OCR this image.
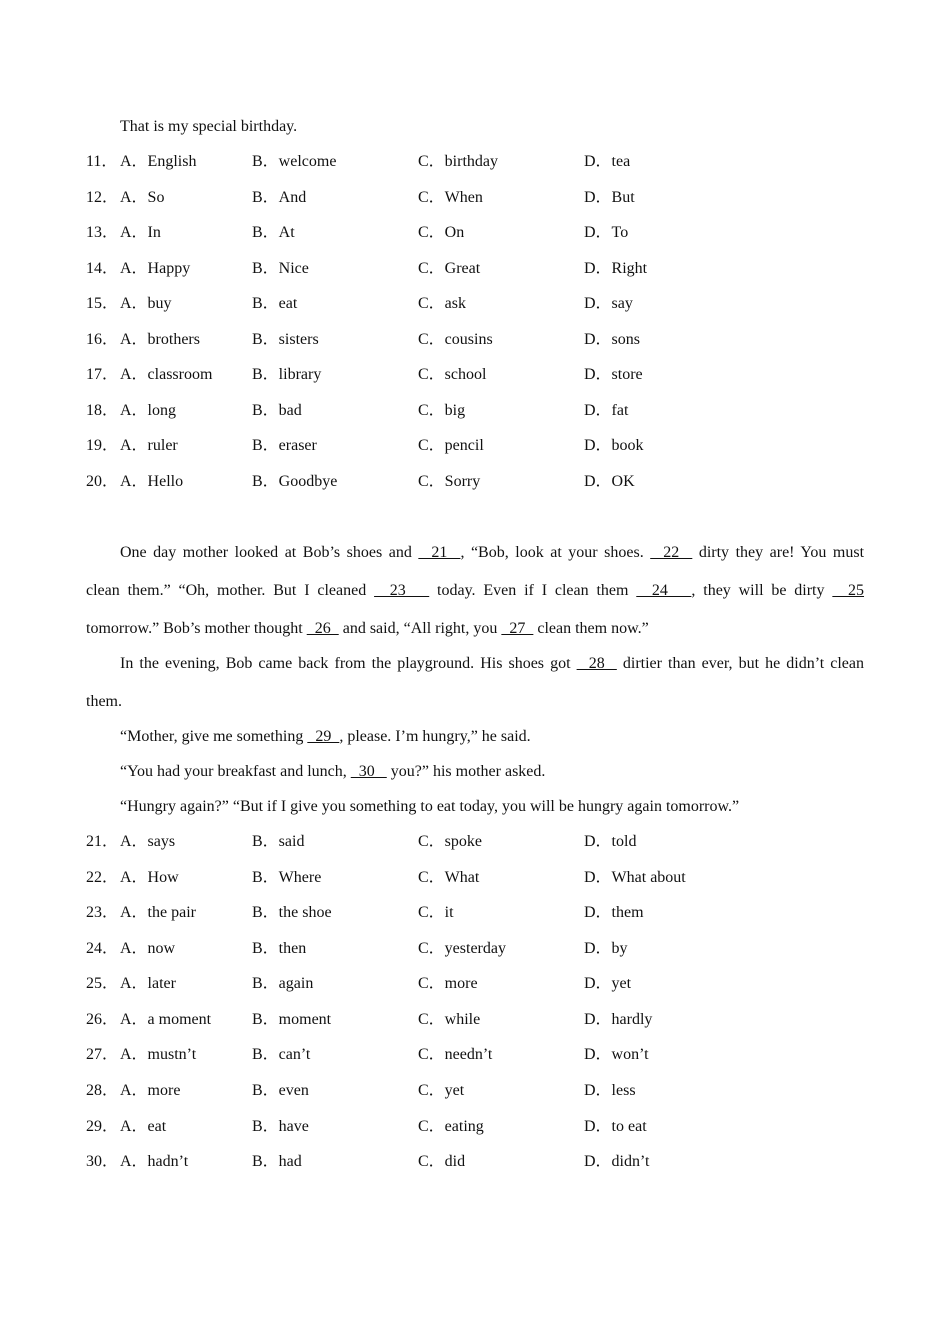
That is my special birthday.
11． A．English	B．welcome	C．birthday	D．tea
12． A．So	B．And	C．When	D．But
13． A．In	B．At	C．On	D．To
14． A．Happy	B．Nice	C．Great	D．Right
15． A．buy	B．eat	C．ask	D．say
16． A．brothers	B．sisters	C．cousins	D．sons
17． A．classroom B．library	C．school	D．store
18． A．long	B．bad	C．big	D．fat
19． A．ruler	B．eraser	C．pencil	D．book
20． A．Hello	B．Goodbye	C．Sorry	D．OK
One day mother looked at Bob’s shoes and   21  , “Bob, look at your shoes.   22   dirty they are! You must
clean them.” “Oh, mother. But I cleaned   23    today. Even if I clean them   24   , they will be dirty   25
tomorrow.” Bob’s mother thought   26   and said, “All right, you   27   clean them now.”
In the evening, Bob came back from the playground. His shoes got   28   dirtier than ever, but he didn’t clean
them.
“Mother, give me something   29  , please. I’m hungry,” he said.
“You had your breakfast and lunch,   30    you?” his mother asked.
“Hungry again?” “But if I give you something to eat today, you will be hungry again tomorrow.”
21． A．says	B．said	C．spoke	D．told
22． A．How	B．Where	C．What	D．What about
23． A．the pair	B．the shoe	C．it	D．them
24． A．now	B．then	C．yesterday	D．by
25． A．later	B．again	C．more	D．yet
26． A．a moment	B．moment	C．while	D．hardly
27． A．mustn’t	B．can’t	C．needn’t	D．won’t
28． A．more	B．even	C．yet	D．less
29． A．eat	B．have	C．eating	D．to eat
30． A．hadn’t	B．had	C．did	D．didn’t
